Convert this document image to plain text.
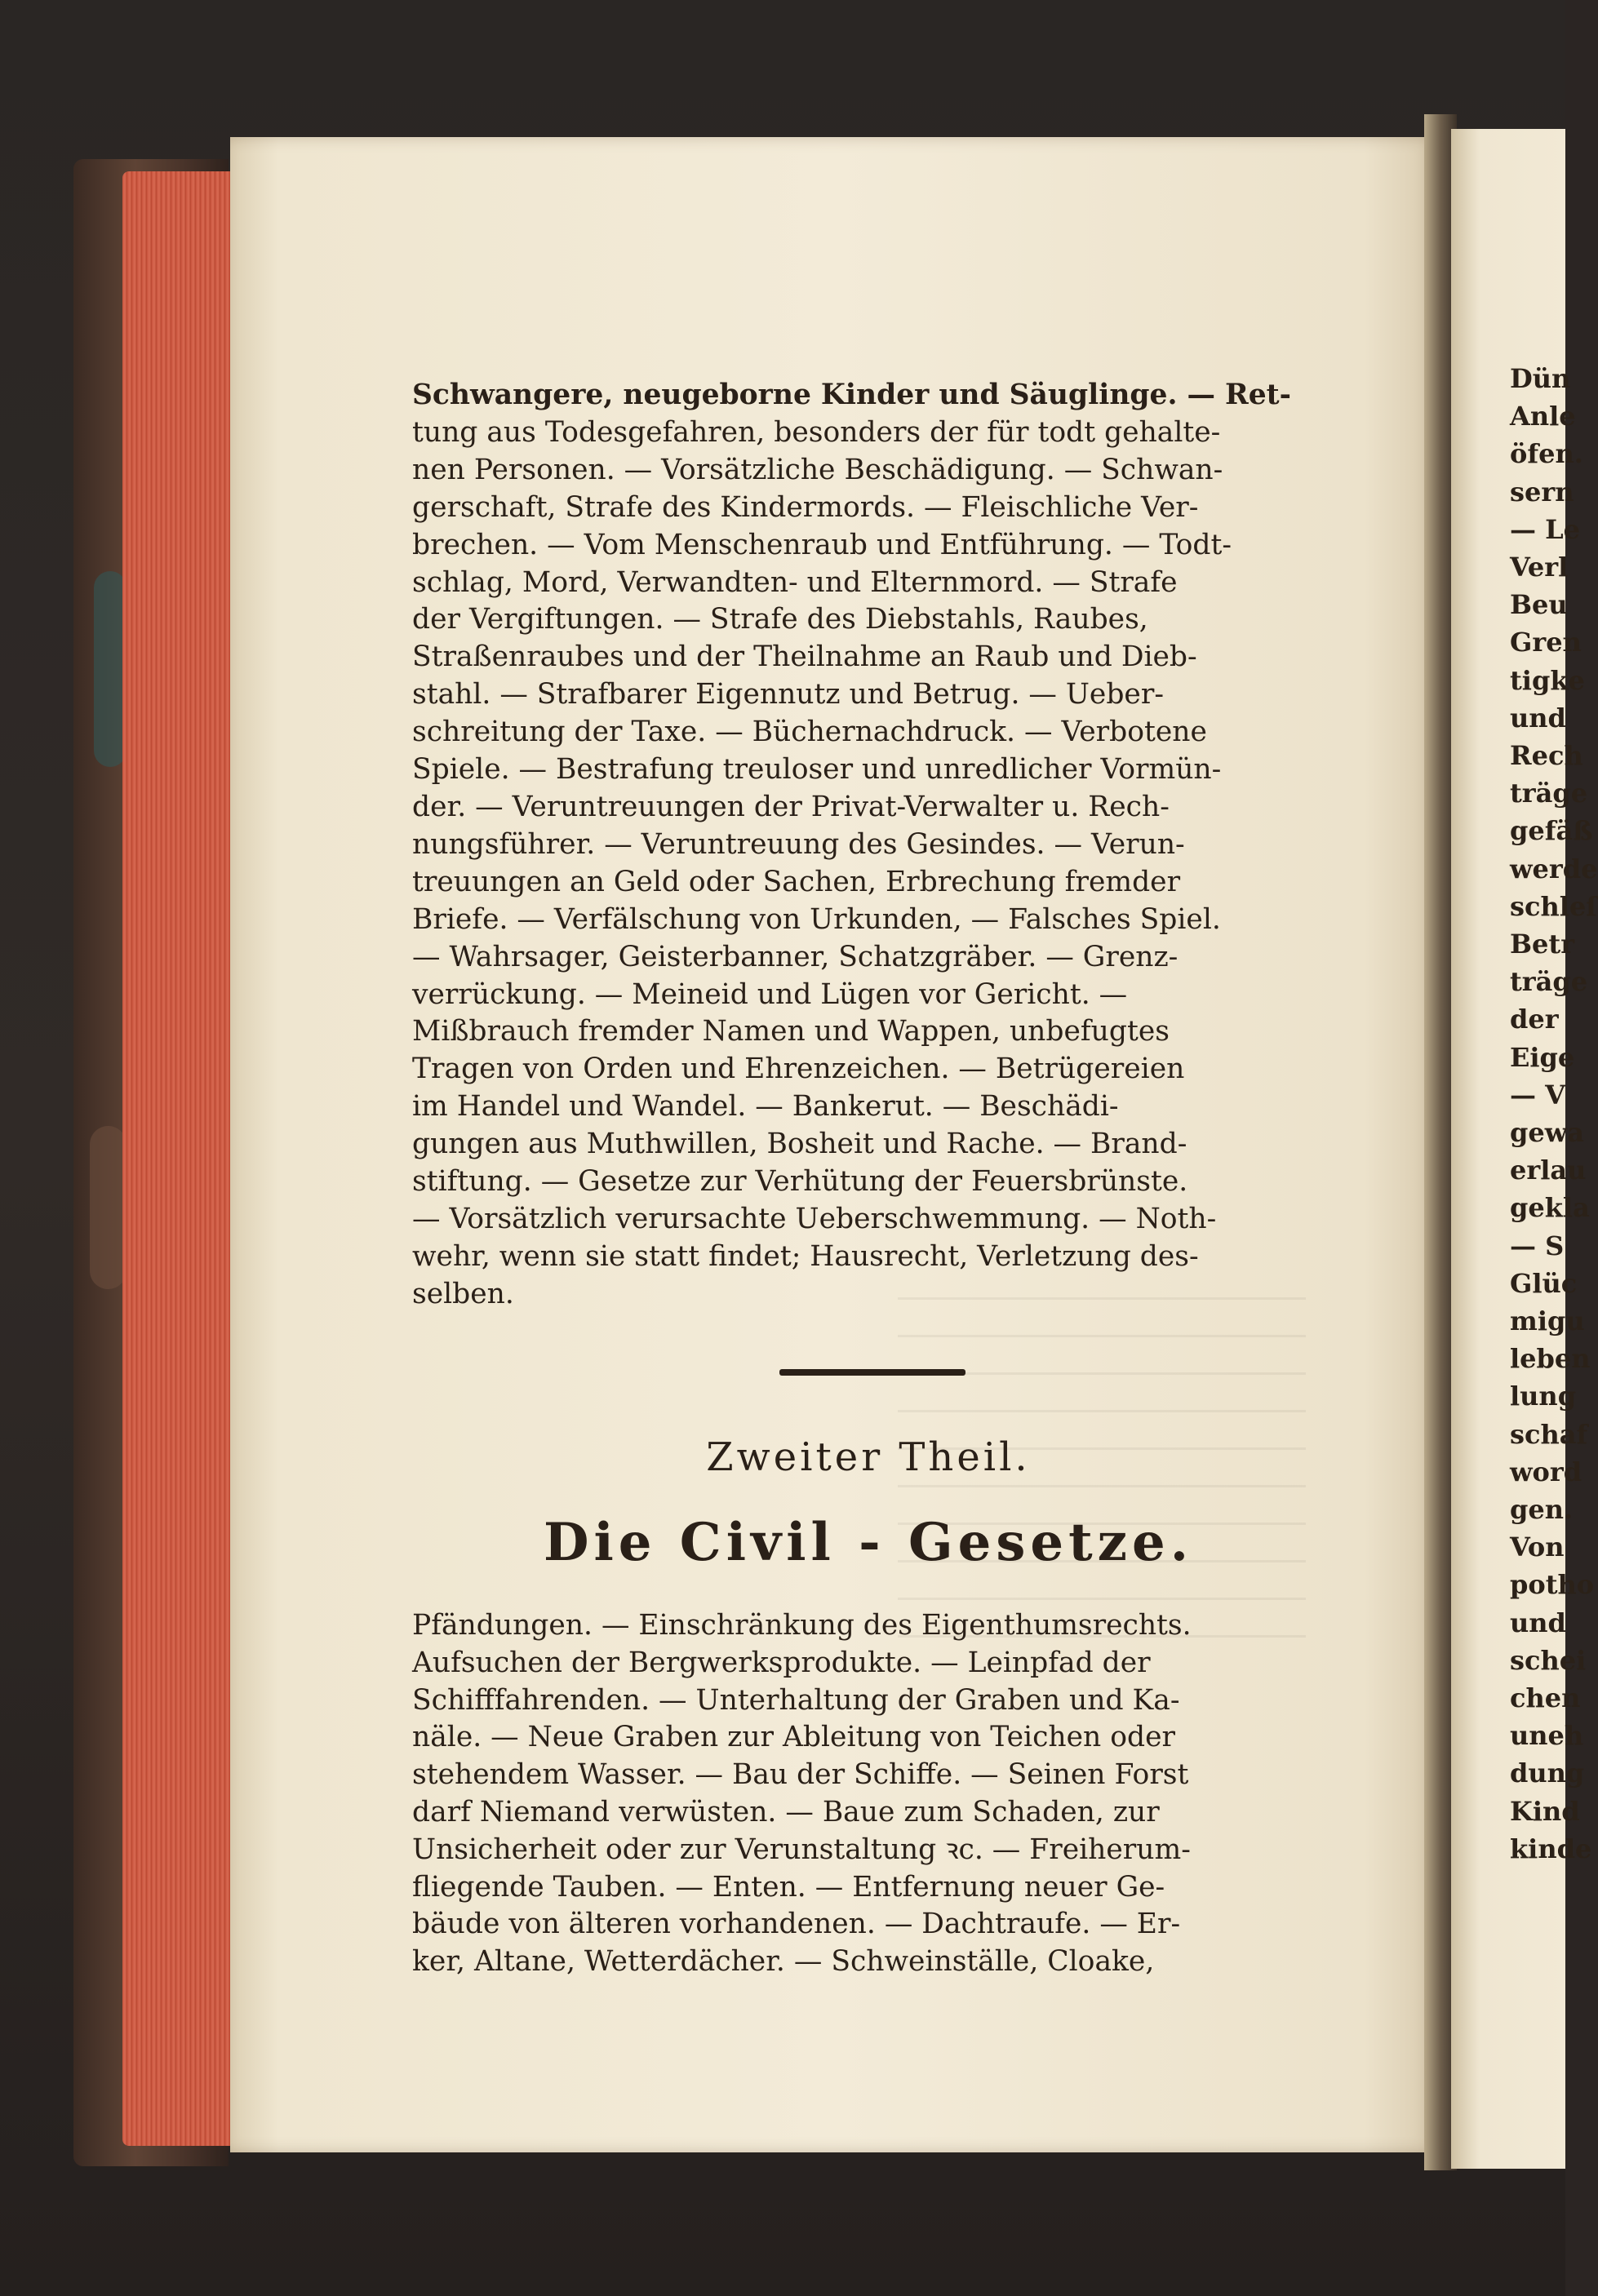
Schwangere, neugeborne Kinder und Säuglinge. — Ret-
tung aus Todesgefahren, besonders der für todt gehalte-
nen Personen. — Vorsätzliche Beschädigung. — Schwan-
gerschaft, Strafe des Kindermords. — Fleischliche Ver-
brechen. — Vom Menschenraub und Entführung. — Todt-
schlag, Mord, Verwandten- und Elternmord. — Strafe
der Vergiftungen. — Strafe des Diebstahls, Raubes,
Straßenraubes und der Theilnahme an Raub und Dieb-
stahl. — Strafbarer Eigennutz und Betrug. — Ueber-
schreitung der Taxe. — Büchernachdruck. — Verbotene
Spiele. — Bestrafung treuloser und unredlicher Vormün-
der. — Veruntreuungen der Privat-Verwalter u. Rech-
nungsführer. — Veruntreuung des Gesindes. — Verun-
treuungen an Geld oder Sachen, Erbrechung fremder
Briefe. — Verfälschung von Urkunden, — Falsches Spiel.
— Wahrsager, Geisterbanner, Schatzgräber. — Grenz-
verrückung. — Meineid und Lügen vor Gericht. —
Mißbrauch fremder Namen und Wappen, unbefugtes
Tragen von Orden und Ehrenzeichen. — Betrügereien
im Handel und Wandel. — Bankerut. — Beschädi-
gungen aus Muthwillen, Bosheit und Rache. — Brand-
stiftung. — Gesetze zur Verhütung der Feuersbrünste.
— Vorsätzlich verursachte Ueberschwemmung. — Noth-
wehr, wenn sie statt findet; Hausrecht, Verletzung des-
selben.
Zweiter Theil.
Die Civil - Gesetze.
Pfändungen. — Einschränkung des Eigenthumsrechts.
Aufsuchen der Bergwerksprodukte. — Leinpfad der
Schifffahrenden. — Unterhaltung der Graben und Ka-
näle. — Neue Graben zur Ableitung von Teichen oder
stehendem Wasser. — Bau der Schiffe. — Seinen Forst
darf Niemand verwüsten. — Baue zum Schaden, zur
Unsicherheit oder zur Verunstaltung ꝛc. — Freiherum-
fliegende Tauben. — Enten. — Entfernung neuer Ge-
bäude von älteren vorhandenen. — Dachtraufe. — Er-
ker, Altane, Wetterdächer. — Schweinställe, Cloake,
Dün
Anle
öfen.
sern
— Le
Verl
Beu
Gren
tigke
und
Rech
träge
gefäß
werde
schleſ
Betr
träge
der
Eige
— V
gewa
erlau
gekla
— S
Glüc
migu
leben
lung
schaf
word
gen.
Von
potho
und
schei
chen
uneh
dung
Kind
kinde
